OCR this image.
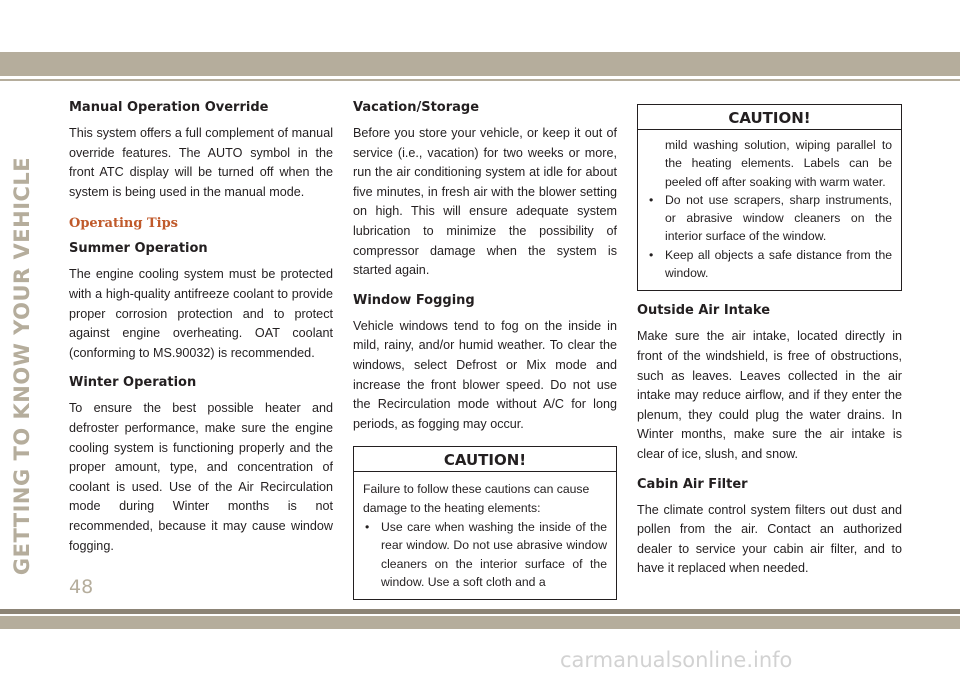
GETTING TO KNOW YOUR VEHICLE
Manual Operation Override

This system offers a full complement of manual override features. The AUTO symbol in the front ATC display will be turned off when the system is being used in the manual mode.

Operating Tips
Summer Operation

The engine cooling system must be protected with a high-quality antifreeze coolant to provide proper corrosion protection and to protect against engine overheating. OAT coolant (conforming to MS.90032) is recommended.

Winter Operation

To ensure the best possible heater and defroster performance, make sure the engine cooling system is functioning properly and the proper amount, type, and concentration of coolant is used. Use of the Air Recirculation mode during Winter months is not recommended, because it may cause window fogging.

Vacation/Storage

Before you store your vehicle, or keep it out of service (i.e., vacation) for two weeks or more, run the air conditioning system at idle for about five minutes, in fresh air with the blower setting on high. This will ensure adequate system lubrication to minimize the possibility of compressor damage when the system is started again.

Window Fogging

Vehicle windows tend to fog on the inside in mild, rainy, and/or humid weather. To clear the windows, select Defrost or Mix mode and increase the front blower speed. Do not use the Recirculation mode without A/C for long periods, as fogging may occur.

CAUTION!
Failure to follow these cautions can cause damage to the heating elements:
• Use care when washing the inside of the rear window. Do not use abrasive window cleaners on the interior surface of the window. Use a soft cloth and a
CAUTION!
mild washing solution, wiping parallel to the heating elements. Labels can be peeled off after soaking with warm water.
• Do not use scrapers, sharp instruments, or abrasive window cleaners on the interior surface of the window.
• Keep all objects a safe distance from the window.
Outside Air Intake

Make sure the air intake, located directly in front of the windshield, is free of obstructions, such as leaves. Leaves collected in the air intake may reduce airflow, and if they enter the plenum, they could plug the water drains. In Winter months, make sure the air intake is clear of ice, slush, and snow.

Cabin Air Filter

The climate control system filters out dust and pollen from the air. Contact an authorized dealer to service your cabin air filter, and to have it replaced when needed.

48
carmanualsonline.info
